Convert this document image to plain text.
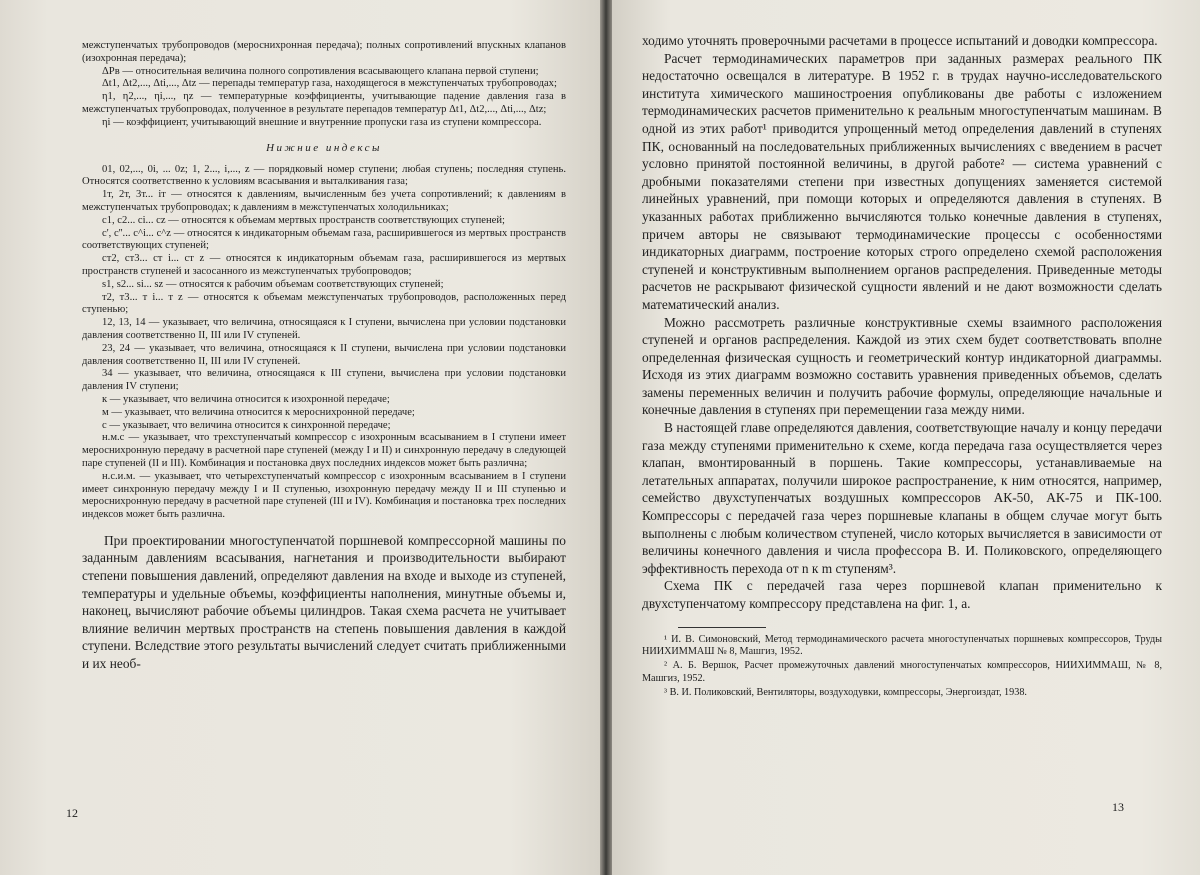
межступенчатых трубопроводов (мероснихронная передача); полных сопротивлений впускных клапанов (изохронная передача);

ΔPв — относительная величина полного сопротивления всасывающего клапана первой ступени;

Δt1, Δt2,..., Δti,..., Δtz — перепады температур газа, находящегося в межступенчатых трубопроводах;

η1, η2,..., ηi,..., ηz — температурные коэффициенты, учитывающие падение давления газа в межступенчатых трубопроводах, полученное в результате перепадов температур Δt1, Δt2,..., Δti,..., Δtz;

ηi — коэффициент, учитывающий внешние и внутренние пропуски газа из ступени компрессора.

Нижние индексы

01, 02,..., 0i, ... 0z; 1, 2..., i,..., z — порядковый номер ступени; любая ступень; последняя ступень. Относятся соответственно к условиям всасывания и выталкивания газа;

1т, 2т, 3т... iт — относятся к давлениям, вычисленным без учета сопротивлений; к давлениям в межступенчатых трубопроводах; к давлениям в межступенчатых холодильниках;

c1, c2... ci... cz — относятся к объемам мертвых пространств соответствующих ступеней;

c', c''... c^i... c^z — относятся к индикаторным объемам газа, расширившегося из мертвых пространств соответствующих ступеней;

cт2, cт3... cт i... cт z — относятся к индикаторным объемам газа, расширившегося из мертвых пространств ступеней и засосанного из межступенчатых трубопроводов;

s1, s2... si... sz — относятся к рабочим объемам соответствующих ступеней;

т2, т3... т i... т z — относятся к объемам межступенчатых трубопроводов, расположенных перед ступенью;

12, 13, 14 — указывает, что величина, относящаяся к I ступени, вычислена при условии подстановки давления соответственно II, III или IV ступеней.

23, 24 — указывает, что величина, относящаяся к II ступени, вычислена при условии подстановки давления соответственно II, III или IV ступеней.

34 — указывает, что величина, относящаяся к III ступени, вычислена при условии подстановки давления IV ступени;

к — указывает, что величина относится к изохронной передаче;

м — указывает, что величина относится к мероснихронной передаче;

с — указывает, что величина относится к синхронной передаче;

н.м.с — указывает, что трехступенчатый компрессор с изохронным всасыванием в I ступени имеет мероснихронную передачу в расчетной паре ступеней (между I и II) и синхронную передачу в следующей паре ступеней (II и III). Комбинация и постановка двух последних индексов может быть различна;

н.с.и.м. — указывает, что четырехступенчатый компрессор с изохронным всасыванием в I ступени имеет синхронную передачу между I и II ступенью, изохронную передачу между II и III ступенью и мероснихронную передачу в расчетной паре ступеней (III и IV). Комбинация и постановка трех последних индексов может быть различна.

При проектировании многоступенчатой поршневой компрессорной машины по заданным давлениям всасывания, нагнетания и производительности выбирают степени повышения давлений, определяют давления на входе и выходе из ступеней, температуры и удельные объемы, коэффициенты наполнения, минутные объемы и, наконец, вычисляют рабочие объемы цилиндров. Такая схема расчета не учитывает влияние величин мертвых пространств на степень повышения давления в каждой ступени. Вследствие этого результаты вычислений следует считать приближенными и их необ-

12

ходимо уточнять проверочными расчетами в процессе испытаний и доводки компрессора.

Расчет термодинамических параметров при заданных размерах реального ПК недостаточно освещался в литературе. В 1952 г. в трудах научно-исследовательского института химического машиностроения опубликованы две работы с изложением термодинамических расчетов применительно к реальным многоступенчатым машинам. В одной из этих работ¹ приводится упрощенный метод определения давлений в ступенях ПК, основанный на последовательных приближенных вычислениях с введением в расчет условно принятой постоянной величины, в другой работе² — система уравнений с дробными показателями степени при известных допущениях заменяется системой линейных уравнений, при помощи которых и определяются давления в ступенях. В указанных работах приближенно вычисляются только конечные давления в ступенях, причем авторы не связывают термодинамические процессы с особенностями индикаторных диаграмм, построение которых строго определено схемой расположения ступеней и конструктивным выполнением органов распределения. Приведенные методы расчетов не раскрывают физической сущности явлений и не дают возможности сделать математический анализ.

Можно рассмотреть различные конструктивные схемы взаимного расположения ступеней и органов распределения. Каждой из этих схем будет соответствовать вполне определенная физическая сущность и геометрический контур индикаторной диаграммы. Исходя из этих диаграмм возможно составить уравнения приведенных объемов, сделать замены переменных величин и получить рабочие формулы, определяющие начальные и конечные давления в ступенях при перемещении газа между ними.

В настоящей главе определяются давления, соответствующие началу и концу передачи газа между ступенями применительно к схеме, когда передача газа осуществляется через клапан, вмонтированный в поршень. Такие компрессоры, устанавливаемые на летательных аппаратах, получили широкое распространение, к ним относятся, например, семейство двухступенчатых воздушных компрессоров АК-50, АК-75 и ПК-100. Компрессоры с передачей газа через поршневые клапаны в общем случае могут быть выполнены с любым количеством ступеней, число которых вычисляется в зависимости от величины конечного давления и числа профессора В. И. Поликовского, определяющего эффективность перехода от n к m ступеням³.

Схема ПК с передачей газа через поршневой клапан применительно к двухступенчатому компрессору представлена на фиг. 1, а.

¹ И. В. Симоновский, Метод термодинамического расчета многоступенчатых поршневых компрессоров, Труды НИИХИММАШ № 8, Машгиз, 1952.

² А. Б. Вершок, Расчет промежуточных давлений многоступенчатых компрессоров, НИИХИММАШ, № 8, Машгиз, 1952.

³ В. И. Поликовский, Вентиляторы, воздуходувки, компрессоры, Энергоиздат, 1938.

13
